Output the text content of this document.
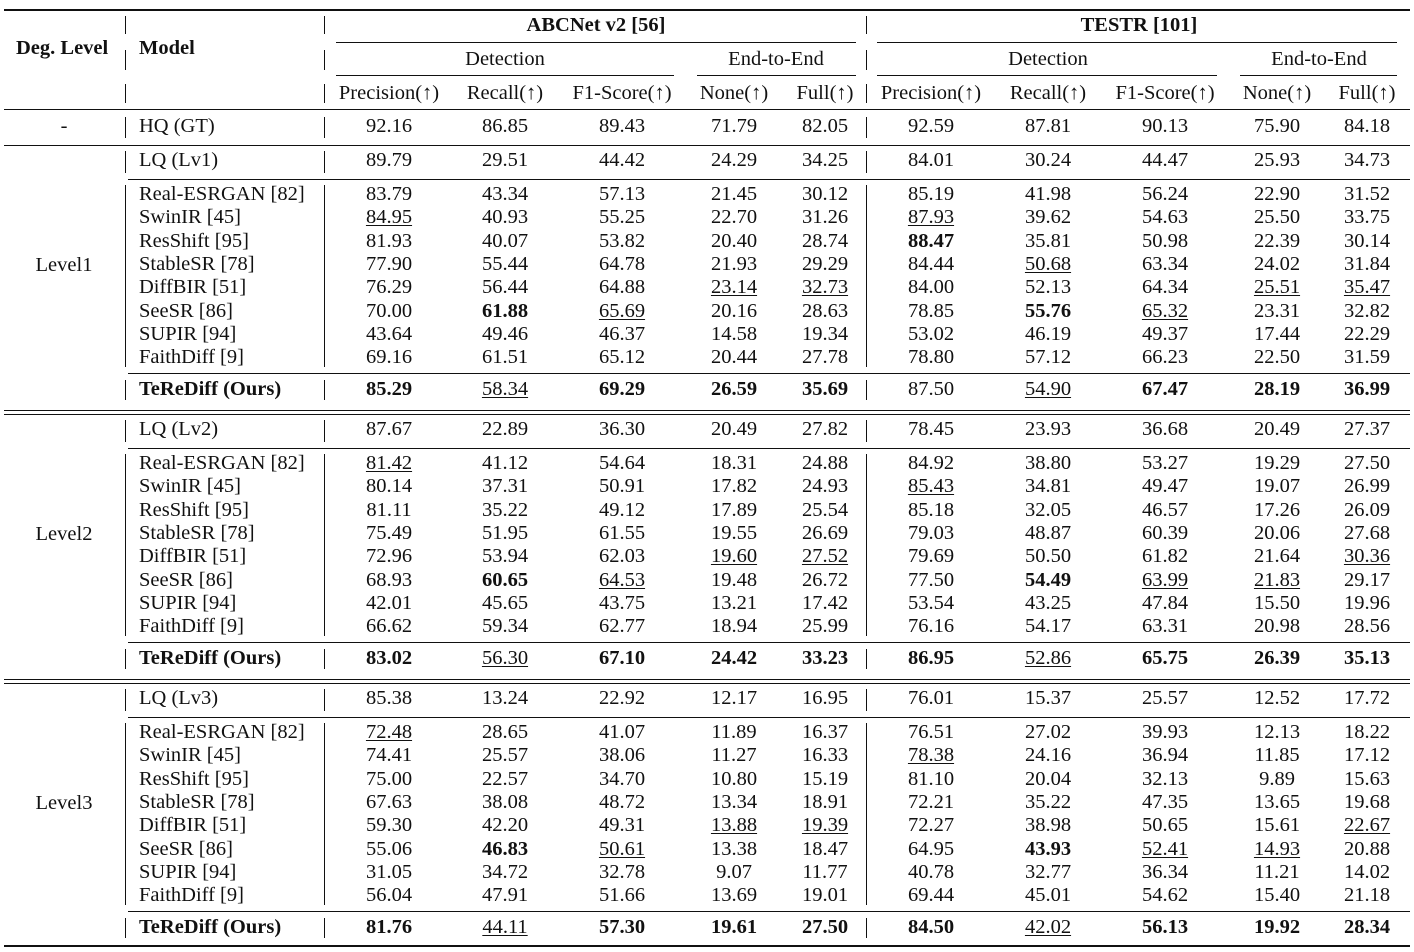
Deg. Level Model
ABCNet v2 [56]	TESTR [101]
Detection	End-to-End	Detection	End-to-End
Precision(↑) Recall(↑) F1-Score(↑) None(↑) Full(↑) Precision(↑) Recall(↑) F1-Score(↑) None(↑) Full(↑)
HQ (GT)	92.16	86.85	89.43	71.79 82.05	92.59	87.81	90.13	75.90 84.18
-
LQ (Lv1)	89.79	29.51	44.42	24.29 34.25	84.01	30.24	44.47	25.93 34.73
Real-ESRGAN [82]	83.79	43.34	57.13	21.45 30.12	85.19	41.98	56.24	22.90 31.52
SwinIR [45]	84.95	40.93	55.25	22.70 31.26	87.93	39.62	54.63	25.50 33.75
ResShift [95]	81.93	40.07	53.82	20.40 28.74	88.47	35.81	50.98	22.39 30.14
StableSR [78]	77.90	55.44	64.78	21.93 29.29	84.44	50.68	63.34	24.02 31.84
DiffBIR [51]	76.29	56.44	64.88	23.14 32.73	84.00	52.13	64.34	25.51 35.47
SeeSR [86]	70.00	61.88	65.69	20.16 28.63	78.85	55.76	65.32	23.31 32.82
SUPIR [94]	43.64	49.46	46.37	14.58 19.34	53.02	46.19	49.37	17.44 22.29
FaithDiff [9]	69.16	61.51	65.12	20.44 27.78	78.80	57.12	66.23	22.50 31.59
TeReDiff (Ours)	85.29	58.34	69.29	26.59 35.69	87.50	54.90	67.47	28.19 36.99
Level1
LQ (Lv2)	87.67	22.89	36.30	20.49 27.82	78.45	23.93	36.68	20.49 27.37
Real-ESRGAN [82]	81.42	41.12	54.64	18.31 24.88	84.92	38.80	53.27	19.29 27.50
SwinIR [45]	80.14	37.31	50.91	17.82 24.93	85.43	34.81	49.47	19.07 26.99
ResShift [95]	81.11	35.22	49.12	17.89 25.54	85.18	32.05	46.57	17.26 26.09
StableSR [78]	75.49	51.95	61.55	19.55 26.69	79.03	48.87	60.39	20.06 27.68
DiffBIR [51]	72.96	53.94	62.03	19.60 27.52	79.69	50.50	61.82	21.64 30.36
SeeSR [86]	68.93	60.65	64.53	19.48 26.72	77.50	54.49	63.99	21.83 29.17
SUPIR [94]	42.01	45.65	43.75	13.21 17.42	53.54	43.25	47.84	15.50 19.96
FaithDiff [9]	66.62	59.34	62.77	18.94 25.99	76.16	54.17	63.31	20.98 28.56
TeReDiff (Ours)	83.02	56.30	67.10	24.42 33.23	86.95	52.86	65.75	26.39 35.13
Level2
LQ (Lv3)	85.38	13.24	22.92	12.17 16.95	76.01	15.37	25.57	12.52 17.72
Real-ESRGAN [82]	72.48	28.65	41.07	11.89 16.37	76.51	27.02	39.93	12.13 18.22
SwinIR [45]	74.41	25.57	38.06	11.27 16.33	78.38	24.16	36.94	11.85 17.12
ResShift [95]	75.00	22.57	34.70	10.80 15.19	81.10	20.04	32.13	9.89 15.63
StableSR [78]	67.63	38.08	48.72	13.34 18.91	72.21	35.22	47.35	13.65 19.68
DiffBIR [51]	59.30	42.20	49.31	13.88 19.39	72.27	38.98	50.65	15.61 22.67
SeeSR [86]	55.06	46.83	50.61	13.38 18.47	64.95	43.93	52.41	14.93 20.88
SUPIR [94]	31.05	34.72	32.78	9.07 11.77	40.78	32.77	36.34	11.21 14.02
FaithDiff [9]	56.04	47.91	51.66	13.69 19.01	69.44	45.01	54.62	15.40 21.18
TeReDiff (Ours)	81.76	44.11	57.30	19.61 27.50	84.50	42.02	56.13	19.92 28.34
Level3
